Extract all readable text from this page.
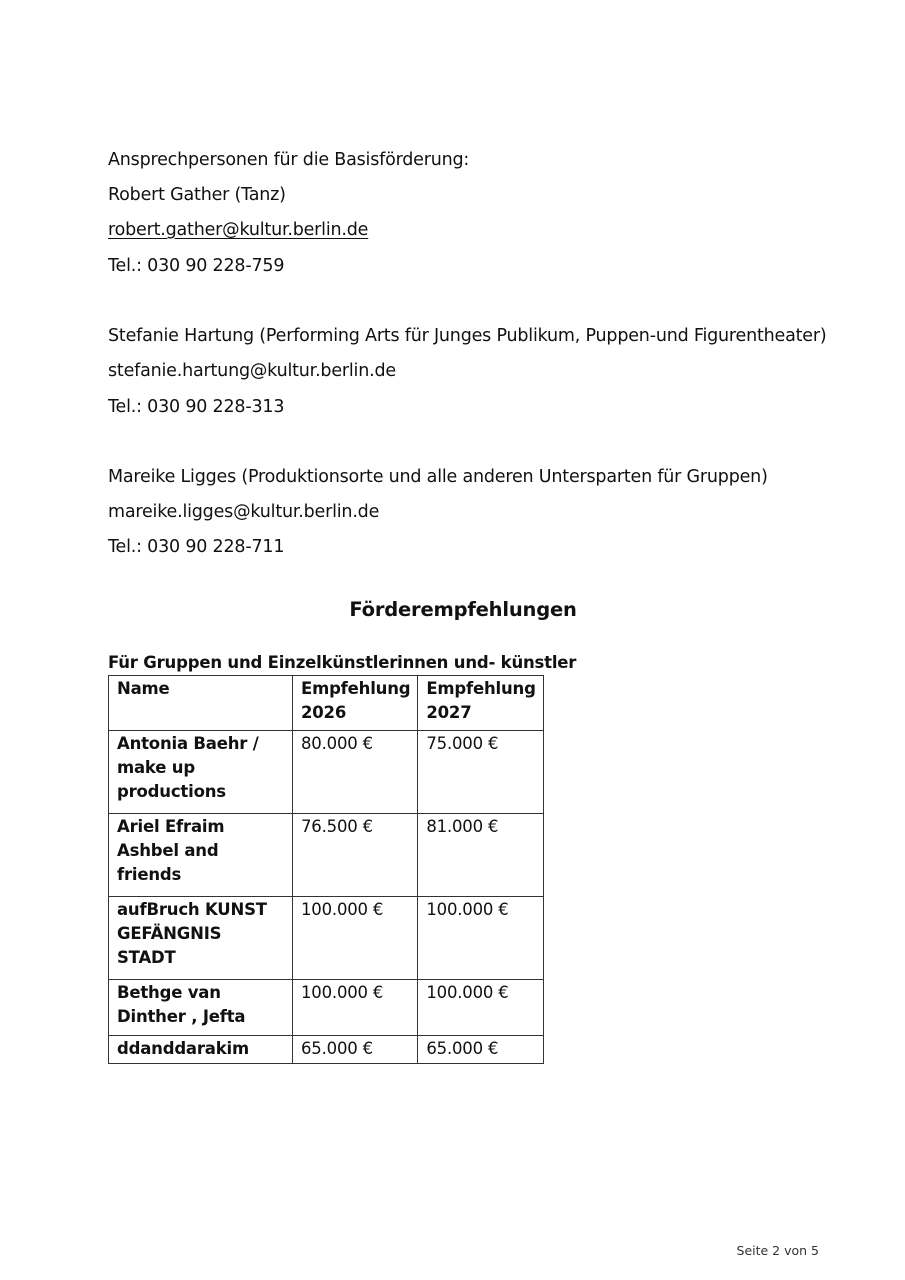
Ansprechpersonen für die Basisförderung:
Robert Gather (Tanz)
robert.gather@kultur.berlin.de
Tel.: 030 90 228-759
Stefanie Hartung (Performing Arts für Junges Publikum, Puppen-und Figurentheater)
stefanie.hartung@kultur.berlin.de
Tel.: 030 90 228-313
Mareike Ligges (Produktionsorte und alle anderen Untersparten für Gruppen)
mareike.ligges@kultur.berlin.de
Tel.: 030 90 228-711
Förderempfehlungen
Für Gruppen und Einzelkünstlerinnen und- künstler
Name	Empfehlung 2026	Empfehlung 2027
Antonia Baehr / make up productions	80.000 €	75.000 €
Ariel Efraim Ashbel and friends	76.500 €	81.000 €
aufBruch KUNST GEFÄNGNIS STADT	100.000 €	100.000 €
Bethge van Dinther , Jefta	100.000 €	100.000 €
ddanddarakim	65.000 €	65.000 €
Seite 2 von 5
